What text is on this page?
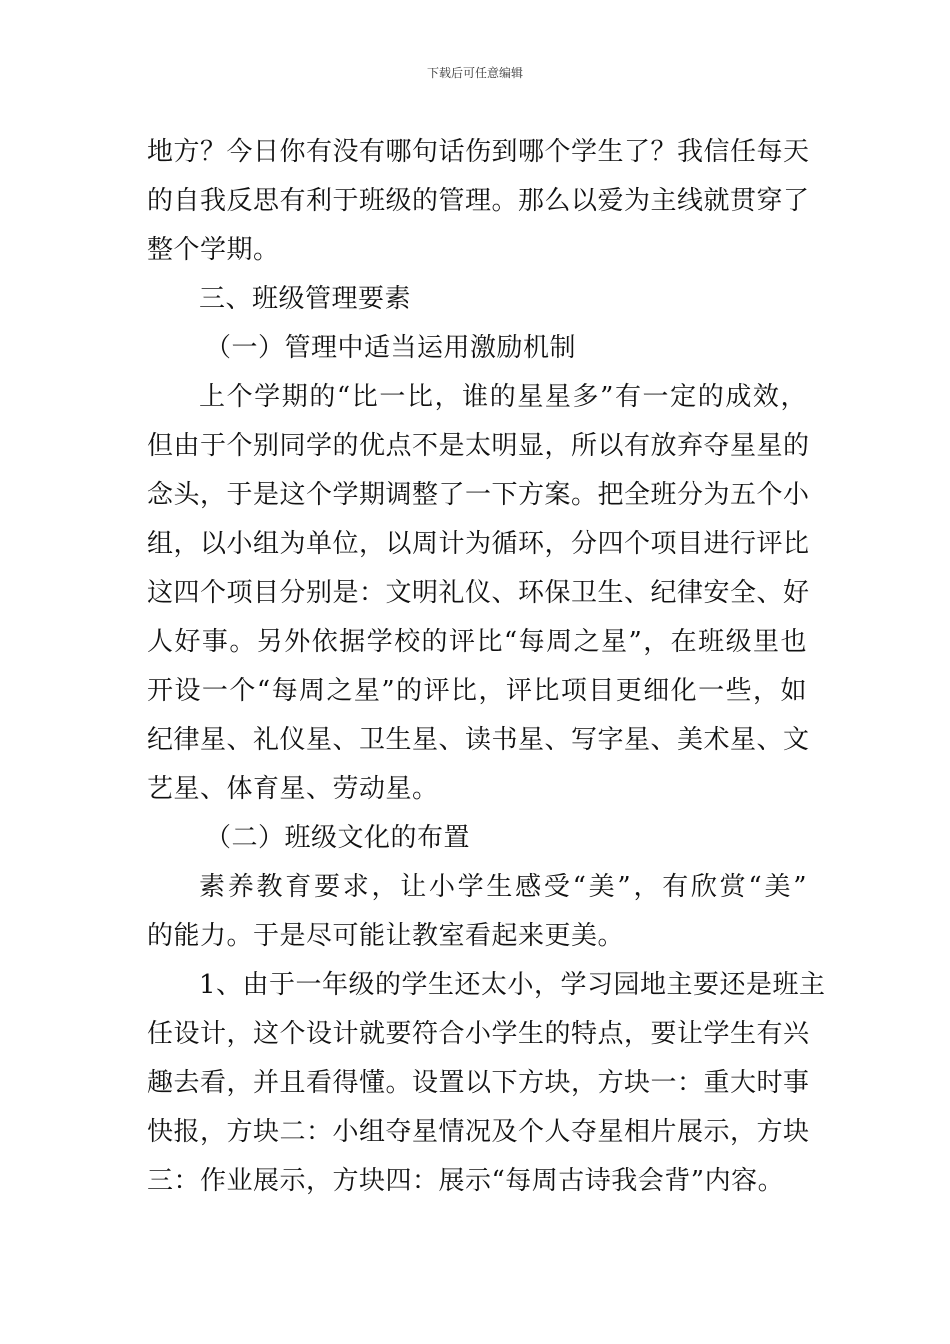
下载后可任意编辑
地方？今日你有没有哪句话伤到哪个学生了？我信任每天
的自我反思有利于班级的管理。那么以爱为主线就贯穿了
整个学期。
三、班级管理要素
（一）管理中适当运用激励机制
上个学期的“比一比，谁的星星多”有一定的成效，
但由于个别同学的优点不是太明显，所以有放弃夺星星的
念头，于是这个学期调整了一下方案。把全班分为五个小
组，以小组为单位，以周计为循环，分四个项目进行评比
这四个项目分别是：文明礼仪、环保卫生、纪律安全、好
人好事。另外依据学校的评比“每周之星”，在班级里也
开设一个“每周之星”的评比，评比项目更细化一些，如
纪律星、礼仪星、卫生星、读书星、写字星、美术星、文
艺星、体育星、劳动星。
（二）班级文化的布置
素养教育要求，让小学生感受“美”，有欣赏“美”
的能力。于是尽可能让教室看起来更美。
1、由于一年级的学生还太小，学习园地主要还是班主
任设计，这个设计就要符合小学生的特点，要让学生有兴
趣去看，并且看得懂。设置以下方块，方块一：重大时事
快报，方块二：小组夺星情况及个人夺星相片展示，方块
三：作业展示，方块四：展示“每周古诗我会背”内容。
